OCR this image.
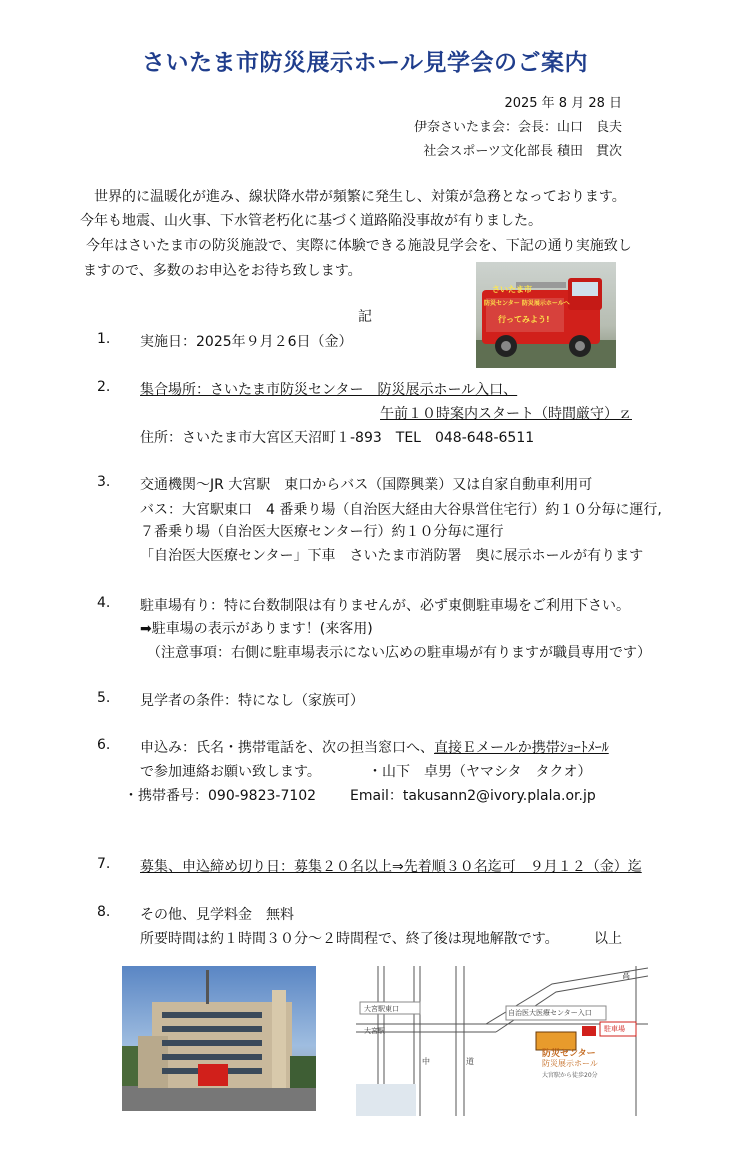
さいたま市防災展示ホール見学会のご案内
2025 年 8 月 28 日
伊奈さいたま会：会長：山口　良夫
社会スポーツ文化部長 積田　貫次
世界的に温暖化が進み、線状降水帯が頻繁に発生し、対策が急務となっております。
今年も地震、山火事、下水管老朽化に基づく道路陥没事故が有りました。
今年はさいたま市の防災施設で、実際に体験できる施設見学会を、下記の通り実施致し
ますので、多数のお申込をお待ち致します。
さいたま市
防災センター 防災展示ホールへ
行ってみよう!
記
1. 実施日：2025年９月２6日（金）
2. 集合場所：さいたま市防災センター　防災展示ホール入口、
午前１０時案内スタート（時間厳守）ｚ
住所：さいたま市大宮区天沼町１-893　TEL　048-648-6511
3. 交通機関～JR 大宮駅　東口からバス（国際興業）又は自家自動車利用可
バス：大宮駅東口　4 番乗り場（自治医大経由大谷県営住宅行）約１０分毎に運行,
７番乗り場（自治医大医療センター行）約１０分毎に運行
「自治医大医療センター」下車　さいたま市消防署　奥に展示ホールが有ります
4. 駐車場有り：特に台数制限は有りませんが、必ず東側駐車場をご利用下さい。
➡駐車場の表示があります！(来客用)
（注意事項：右側に駐車場表示にない広めの駐車場が有りますが職員専用です）
5. 見学者の条件：特になし（家族可）
6. 申込み：氏名・携帯電話を、次の担当窓口へ、直接Ｅメールか携帯ｼｮｰﾄﾒｰﾙ
で参加連絡お願い致します。	・山下　卓男（ヤマシタ　タクオ）
・携帯番号：090-9823-7102 Email：takusann2@ivory.plala.or.jp
7. 募集、申込締め切り日：募集２０名以上⇒先着順３０名迄可　９月１２（金）迄
8. その他、見学料金　無料
所要時間は約１時間３０分～２時間程で、終了後は現地解散です。	以上
自治医大医療センター入口
大宮駅東口
防災センター
防災展示ホール
駐車場
大宮駅から徒歩20分
大宮駅
中	道
高
